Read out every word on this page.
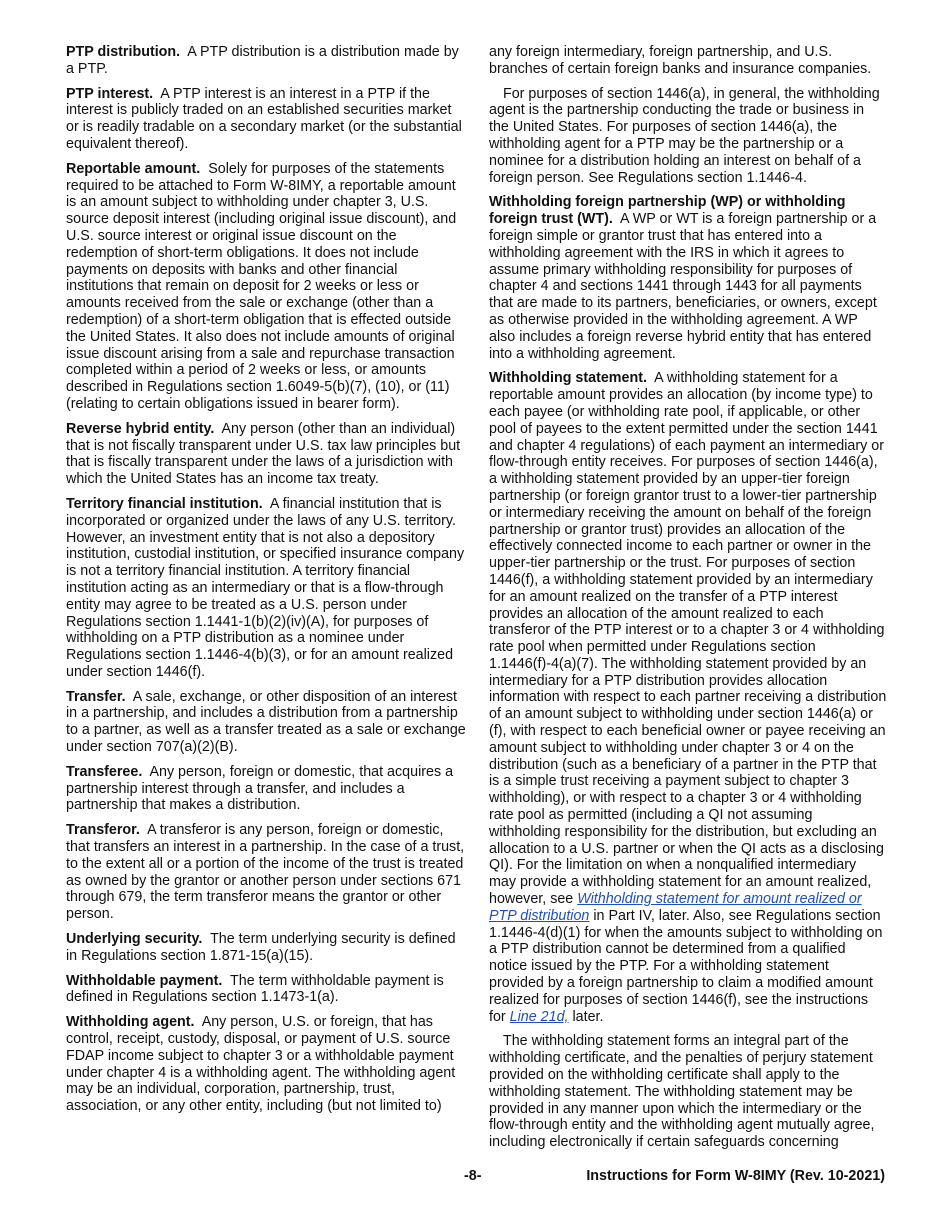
PTP distribution. A PTP distribution is a distribution made by a PTP.

PTP interest. A PTP interest is an interest in a PTP if the interest is publicly traded on an established securities market or is readily tradable on a secondary market (or the substantial equivalent thereof).

Reportable amount. Solely for purposes of the statements required to be attached to Form W-8IMY, a reportable amount is an amount subject to withholding under chapter 3, U.S. source deposit interest (including original issue discount), and U.S. source interest or original issue discount on the redemption of short-term obligations. It does not include payments on deposits with banks and other financial institutions that remain on deposit for 2 weeks or less or amounts received from the sale or exchange (other than a redemption) of a short-term obligation that is effected outside the United States. It also does not include amounts of original issue discount arising from a sale and repurchase transaction completed within a period of 2 weeks or less, or amounts described in Regulations section 1.6049-5(b)(7), (10), or (11) (relating to certain obligations issued in bearer form).

Reverse hybrid entity. Any person (other than an individual) that is not fiscally transparent under U.S. tax law principles but that is fiscally transparent under the laws of a jurisdiction with which the United States has an income tax treaty.

Territory financial institution. A financial institution that is incorporated or organized under the laws of any U.S. territory. However, an investment entity that is not also a depository institution, custodial institution, or specified insurance company is not a territory financial institution. A territory financial institution acting as an intermediary or that is a flow-through entity may agree to be treated as a U.S. person under Regulations section 1.1441-1(b)(2)(iv)(A), for purposes of withholding on a PTP distribution as a nominee under Regulations section 1.1446-4(b)(3), or for an amount realized under section 1446(f).

Transfer. A sale, exchange, or other disposition of an interest in a partnership, and includes a distribution from a partnership to a partner, as well as a transfer treated as a sale or exchange under section 707(a)(2)(B).

Transferee. Any person, foreign or domestic, that acquires a partnership interest through a transfer, and includes a partnership that makes a distribution.

Transferor. A transferor is any person, foreign or domestic, that transfers an interest in a partnership. In the case of a trust, to the extent all or a portion of the income of the trust is treated as owned by the grantor or another person under sections 671 through 679, the term transferor means the grantor or other person.

Underlying security. The term underlying security is defined in Regulations section 1.871-15(a)(15).

Withholdable payment. The term withholdable payment is defined in Regulations section 1.1473-1(a).

Withholding agent. Any person, U.S. or foreign, that has control, receipt, custody, disposal, or payment of U.S. source FDAP income subject to chapter 3 or a withholdable payment under chapter 4 is a withholding agent. The withholding agent may be an individual, corporation, partnership, trust, association, or any other entity, including (but not limited to)

any foreign intermediary, foreign partnership, and U.S. branches of certain foreign banks and insurance companies.

For purposes of section 1446(a), in general, the withholding agent is the partnership conducting the trade or business in the United States. For purposes of section 1446(a), the withholding agent for a PTP may be the partnership or a nominee for a distribution holding an interest on behalf of a foreign person. See Regulations section 1.1446-4.

Withholding foreign partnership (WP) or withholding foreign trust (WT). A WP or WT is a foreign partnership or a foreign simple or grantor trust that has entered into a withholding agreement with the IRS in which it agrees to assume primary withholding responsibility for purposes of chapter 4 and sections 1441 through 1443 for all payments that are made to its partners, beneficiaries, or owners, except as otherwise provided in the withholding agreement. A WP also includes a foreign reverse hybrid entity that has entered into a withholding agreement.

Withholding statement. A withholding statement for a reportable amount provides an allocation (by income type) to each payee (or withholding rate pool, if applicable, or other pool of payees to the extent permitted under the section 1441 and chapter 4 regulations) of each payment an intermediary or flow-through entity receives. For purposes of section 1446(a), a withholding statement provided by an upper-tier foreign partnership (or foreign grantor trust to a lower-tier partnership or intermediary receiving the amount on behalf of the foreign partnership or grantor trust) provides an allocation of the effectively connected income to each partner or owner in the upper-tier partnership or the trust. For purposes of section 1446(f), a withholding statement provided by an intermediary for an amount realized on the transfer of a PTP interest provides an allocation of the amount realized to each transferor of the PTP interest or to a chapter 3 or 4 withholding rate pool when permitted under Regulations section 1.1446(f)-4(a)(7). The withholding statement provided by an intermediary for a PTP distribution provides allocation information with respect to each partner receiving a distribution of an amount subject to withholding under section 1446(a) or (f), with respect to each beneficial owner or payee receiving an amount subject to withholding under chapter 3 or 4 on the distribution (such as a beneficiary of a partner in the PTP that is a simple trust receiving a payment subject to chapter 3 withholding), or with respect to a chapter 3 or 4 withholding rate pool as permitted (including a QI not assuming withholding responsibility for the distribution, but excluding an allocation to a U.S. partner or when the QI acts as a disclosing QI). For the limitation on when a nonqualified intermediary may provide a withholding statement for an amount realized, however, see Withholding statement for amount realized or PTP distribution in Part IV, later. Also, see Regulations section 1.1446-4(d)(1) for when the amounts subject to withholding on a PTP distribution cannot be determined from a qualified notice issued by the PTP. For a withholding statement provided by a foreign partnership to claim a modified amount realized for purposes of section 1446(f), see the instructions for Line 21d, later.

The withholding statement forms an integral part of the withholding certificate, and the penalties of perjury statement provided on the withholding certificate shall apply to the withholding statement. The withholding statement may be provided in any manner upon which the intermediary or the flow-through entity and the withholding agent mutually agree, including electronically if certain safeguards concerning

-8-	Instructions for Form W-8IMY (Rev. 10-2021)
